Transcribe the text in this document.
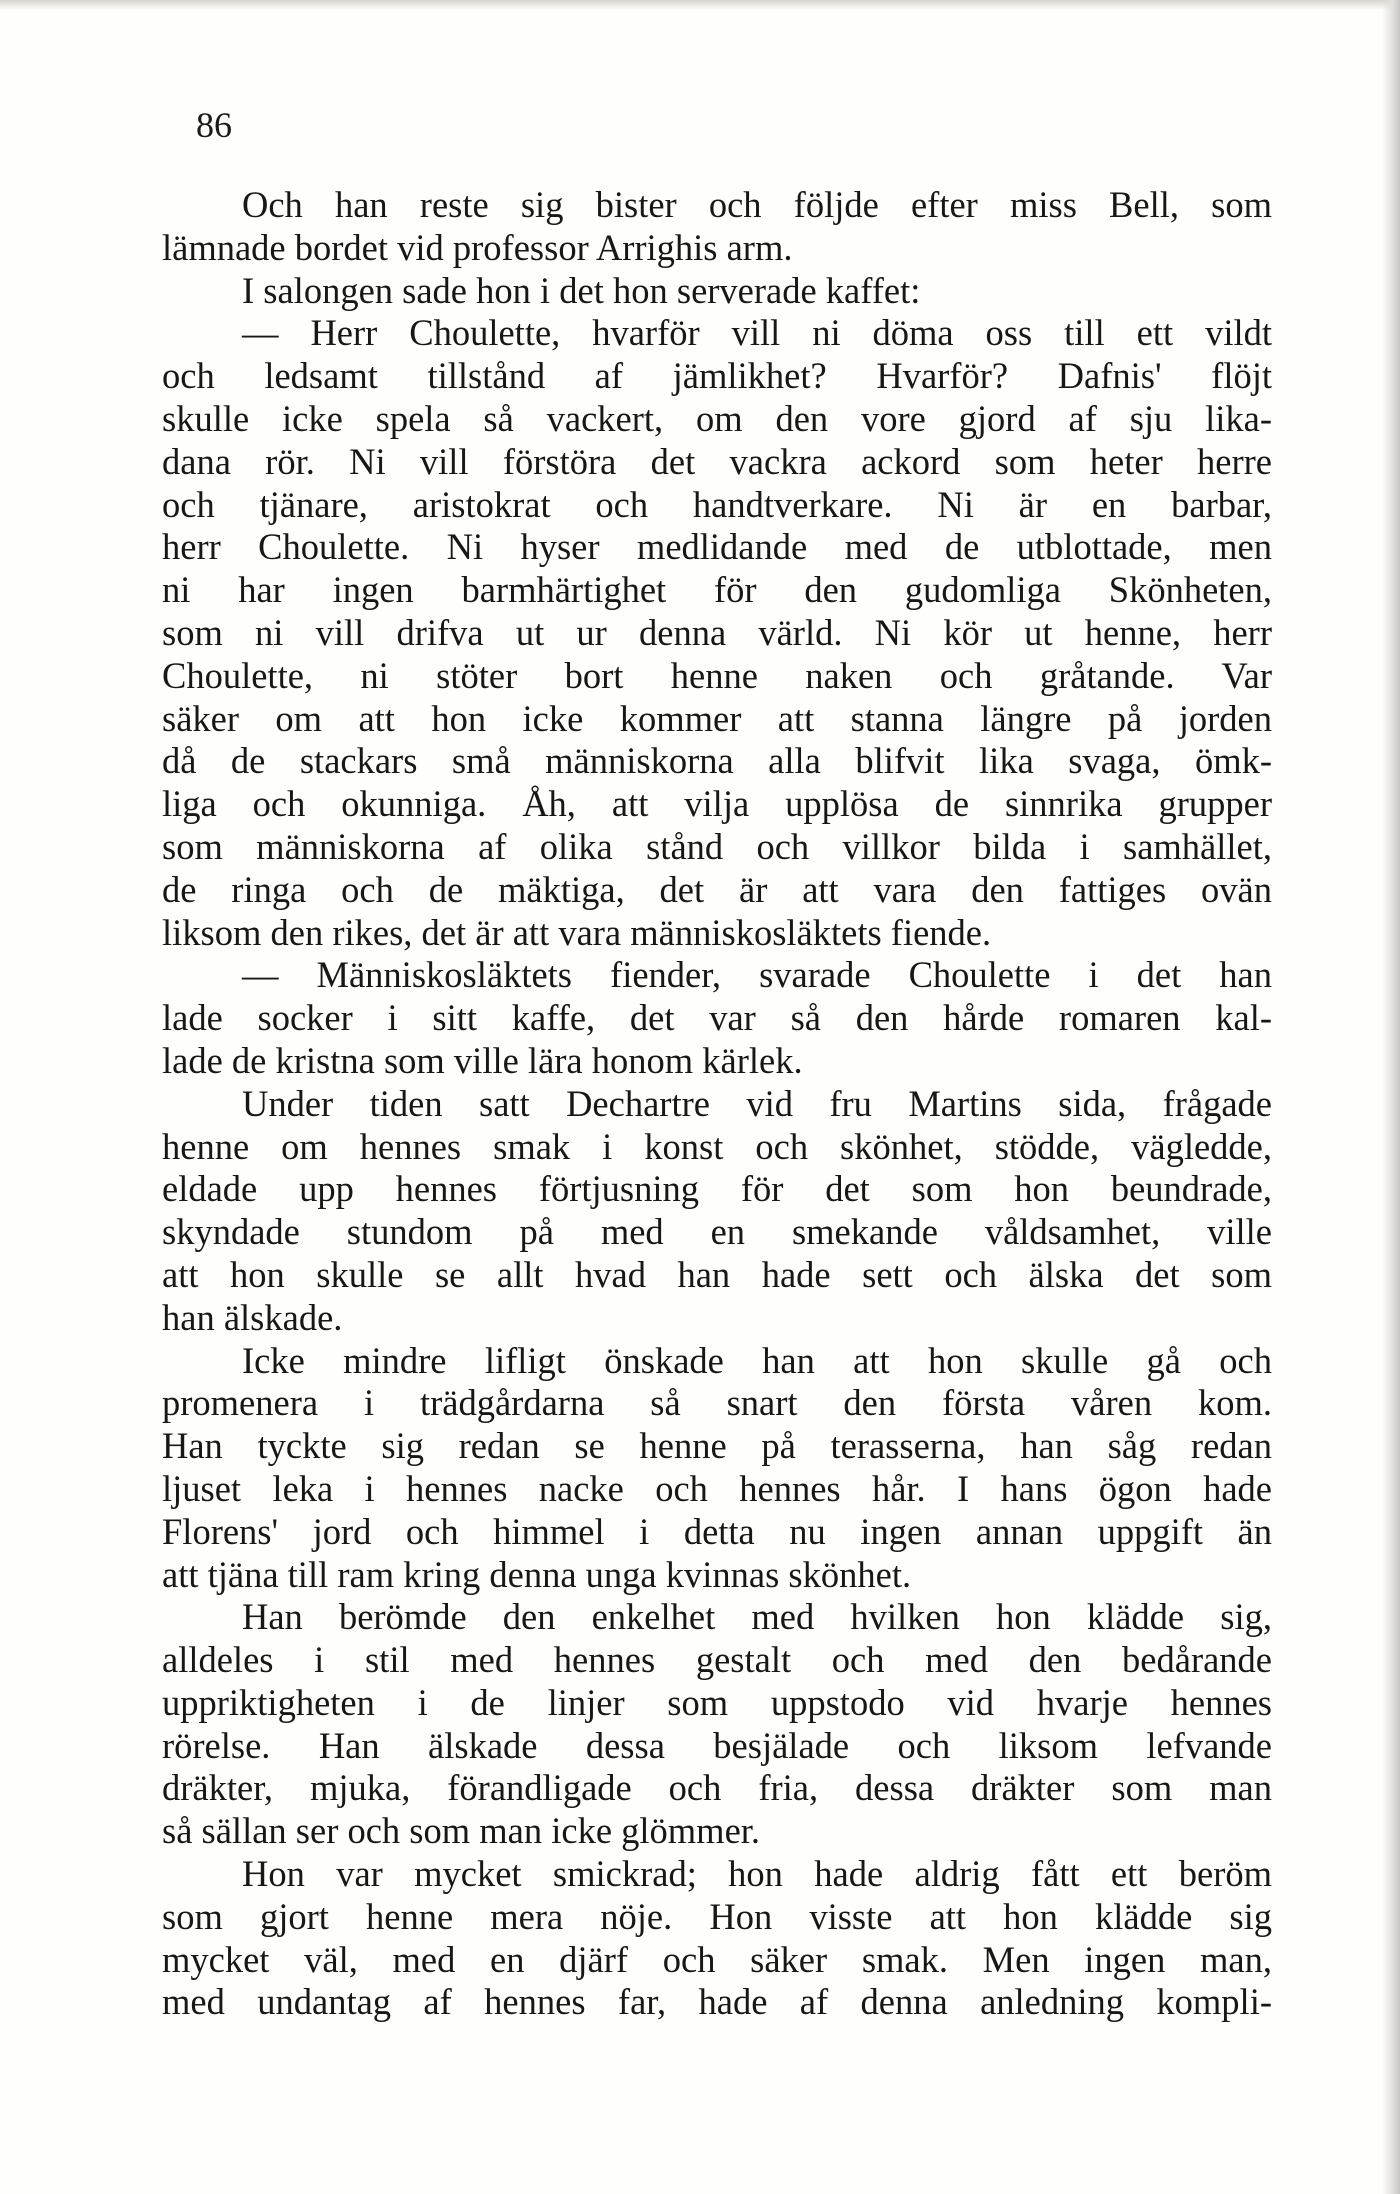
86

Och han reste sig bister och följde efter miss Bell, som
lämnade bordet vid professor Arrighis arm.

I salongen sade hon i det hon serverade kaffet:

— Herr Choulette, hvarför vill ni döma oss till ett vildt
och ledsamt tillstånd af jämlikhet? Hvarför? Dafnis' flöjt
skulle icke spela så vackert, om den vore gjord af sju lika-
dana rör. Ni vill förstöra det vackra ackord som heter herre
och tjänare, aristokrat och handtverkare. Ni är en barbar,
herr Choulette. Ni hyser medlidande med de utblottade, men
ni har ingen barmhärtighet för den gudomliga Skönheten,
som ni vill drifva ut ur denna värld. Ni kör ut henne, herr
Choulette, ni stöter bort henne naken och gråtande. Var
säker om att hon icke kommer att stanna längre på jorden
då de stackars små människorna alla blifvit lika svaga, ömk-
liga och okunniga. Åh, att vilja upplösa de sinnrika grupper
som människorna af olika stånd och villkor bilda i samhället,
de ringa och de mäktiga, det är att vara den fattiges ovän
liksom den rikes, det är att vara människosläktets fiende.

— Människosläktets fiender, svarade Choulette i det han
lade socker i sitt kaffe, det var så den hårde romaren kal-
lade de kristna som ville lära honom kärlek.

Under tiden satt Dechartre vid fru Martins sida, frågade
henne om hennes smak i konst och skönhet, stödde, vägledde,
eldade upp hennes förtjusning för det som hon beundrade,
skyndade stundom på med en smekande våldsamhet, ville
att hon skulle se allt hvad han hade sett och älska det som
han älskade.

Icke mindre lifligt önskade han att hon skulle gå och
promenera i trädgårdarna så snart den första våren kom.
Han tyckte sig redan se henne på terasserna, han såg redan
ljuset leka i hennes nacke och hennes hår. I hans ögon hade
Florens' jord och himmel i detta nu ingen annan uppgift än
att tjäna till ram kring denna unga kvinnas skönhet.

Han berömde den enkelhet med hvilken hon klädde sig,
alldeles i stil med hennes gestalt och med den bedårande
uppriktigheten i de linjer som uppstodo vid hvarje hennes
rörelse. Han älskade dessa besjälade och liksom lefvande
dräkter, mjuka, förandligade och fria, dessa dräkter som man
så sällan ser och som man icke glömmer.

Hon var mycket smickrad; hon hade aldrig fått ett beröm
som gjort henne mera nöje. Hon visste att hon klädde sig
mycket väl, med en djärf och säker smak. Men ingen man,
med undantag af hennes far, hade af denna anledning kompli-
